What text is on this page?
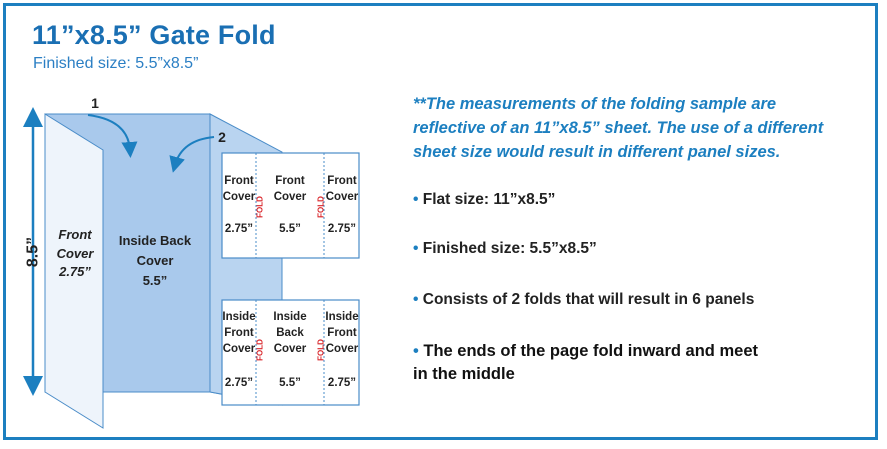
11”x8.5” Gate Fold
Finished size: 5.5”x8.5”
8.5”
1
2
Front
Cover
2.75”
Inside Back
Cover
5.5”
Front
Cover
Front
Cover
Front
Cover
2.75” 5.5” 2.75”
FOLD	FOLD
Inside
Front
Cover
Inside
Back
Cover
Inside
Front
Cover
2.75” 5.5” 2.75”
FOLD	FOLD
**The measurements of the folding sample are reflective of an 11”x8.5” sheet. The use of a different sheet size would result in different panel sizes.
• Flat size: 11”x8.5”
• Finished size: 5.5”x8.5”
• Consists of 2 folds that will result in 6 panels
• The ends of the page fold inward and meet in the middle
